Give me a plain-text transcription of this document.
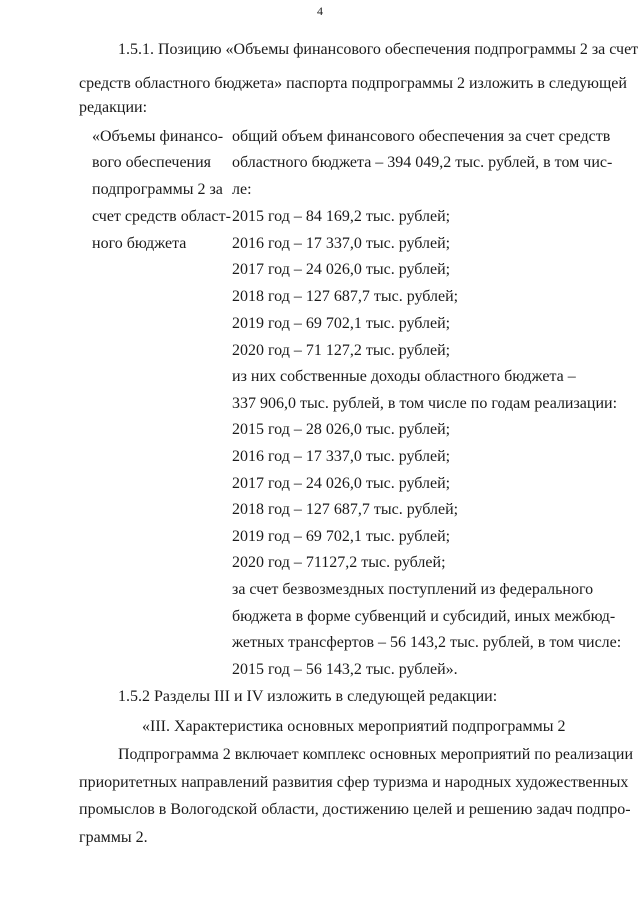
4
1.5.1. Позицию «Объемы финансового обеспечения подпрограммы 2 за счет
средств областного бюджета» паспорта подпрограммы 2 изложить в следующей
редакции:
«Объемы финансо-
вого обеспечения
подпрограммы 2 за
счет средств област-
ного бюджета
общий объем финансового обеспечения за счет средств
областного бюджета – 394 049,2 тыс. рублей, в том чис-
ле:
2015 год – 84 169,2 тыс. рублей;
2016 год – 17 337,0 тыс. рублей;
2017 год – 24 026,0 тыс. рублей;
2018 год – 127 687,7 тыс. рублей;
2019 год – 69 702,1 тыс. рублей;
2020 год – 71 127,2 тыс. рублей;
из них собственные доходы областного бюджета –
337 906,0 тыс. рублей, в том числе по годам реализации:
2015 год – 28 026,0 тыс. рублей;
2016 год – 17 337,0 тыс. рублей;
2017 год – 24 026,0 тыс. рублей;
2018 год – 127 687,7 тыс. рублей;
2019 год – 69 702,1 тыс. рублей;
2020 год – 71127,2 тыс. рублей;
за счет безвозмездных поступлений из федерального
бюджета в форме субвенций и субсидий, иных межбюд-
жетных трансфертов – 56 143,2 тыс. рублей, в том числе:
2015 год – 56 143,2 тыс. рублей».
1.5.2 Разделы III и IV изложить в следующей редакции:
«III. Характеристика основных мероприятий подпрограммы 2
Подпрограмма 2 включает комплекс основных мероприятий по реализации
приоритетных направлений развития сфер туризма и народных художественных
промыслов в Вологодской области, достижению целей и решению задач подпро-
граммы 2.
